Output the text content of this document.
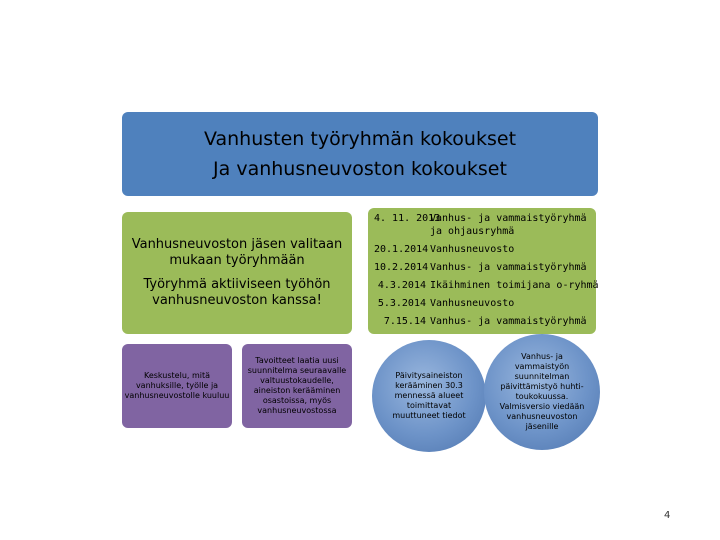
Vanhusten työryhmän kokoukset
Ja vanhusneuvoston kokoukset
Vanhusneuvoston jäsen valitaan mukaan työryhmään
Työryhmä aktiiviseen työhön vanhusneuvoston kanssa!
4. 11. 2013
Vanhus- ja vammaistyöryhmä
ja ohjausryhmä
20.1.2014 Vanhusneuvosto
10.2.2014 Vanhus- ja vammaistyöryhmä
4.3.2014 Ikäihminen toimijana o-ryhmä
5.3.2014 Vanhusneuvosto
7.15.14 Vanhus- ja vammaistyöryhmä
Keskustelu, mitä vanhuksille, työlle ja vanhusneuvostolle kuuluu
Tavoitteet laatia uusi suunnitelma seuraavalle valtuustokaudelle, aineiston kerääminen osastoissa, myös vanhusneuvostossa
Päivitysaineiston kerääminen 30.3 mennessä alueet toimittavat muuttuneet tiedot
Vanhus- ja vammaistyön suunnitelman päivittämistyö huhti-toukokuussa. Valmisversio viedään vanhusneuvoston jäsenille
4
